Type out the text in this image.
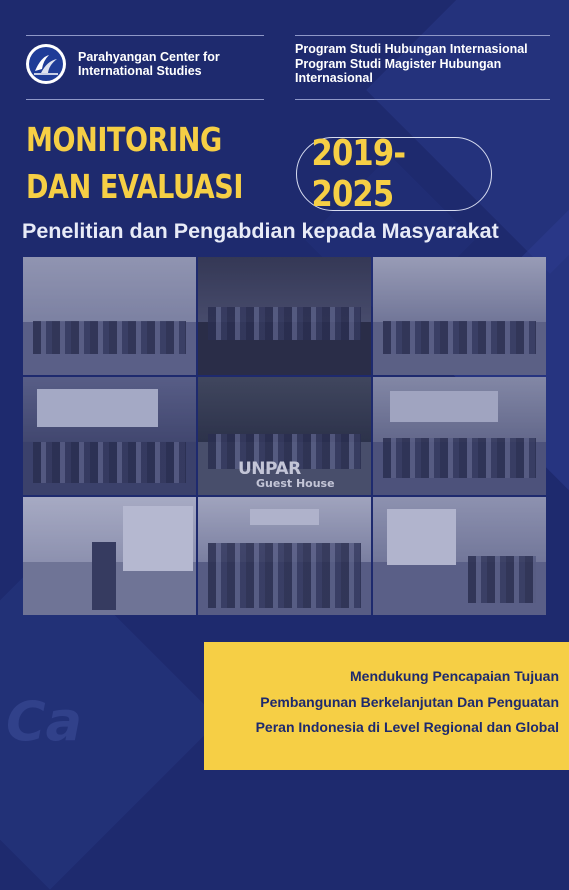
Ca
Parahyangan Center for
International Studies
Program Studi Hubungan Internasional
Program Studi Magister Hubungan
Internasional
MONITORING
DAN EVALUASI
2019-2025
Penelitian dan Pengabdian kepada Masyarakat
UNPAR
Guest House
Mendukung Pencapaian Tujuan
Pembangunan Berkelanjutan Dan Penguatan
Peran Indonesia di Level Regional dan Global
